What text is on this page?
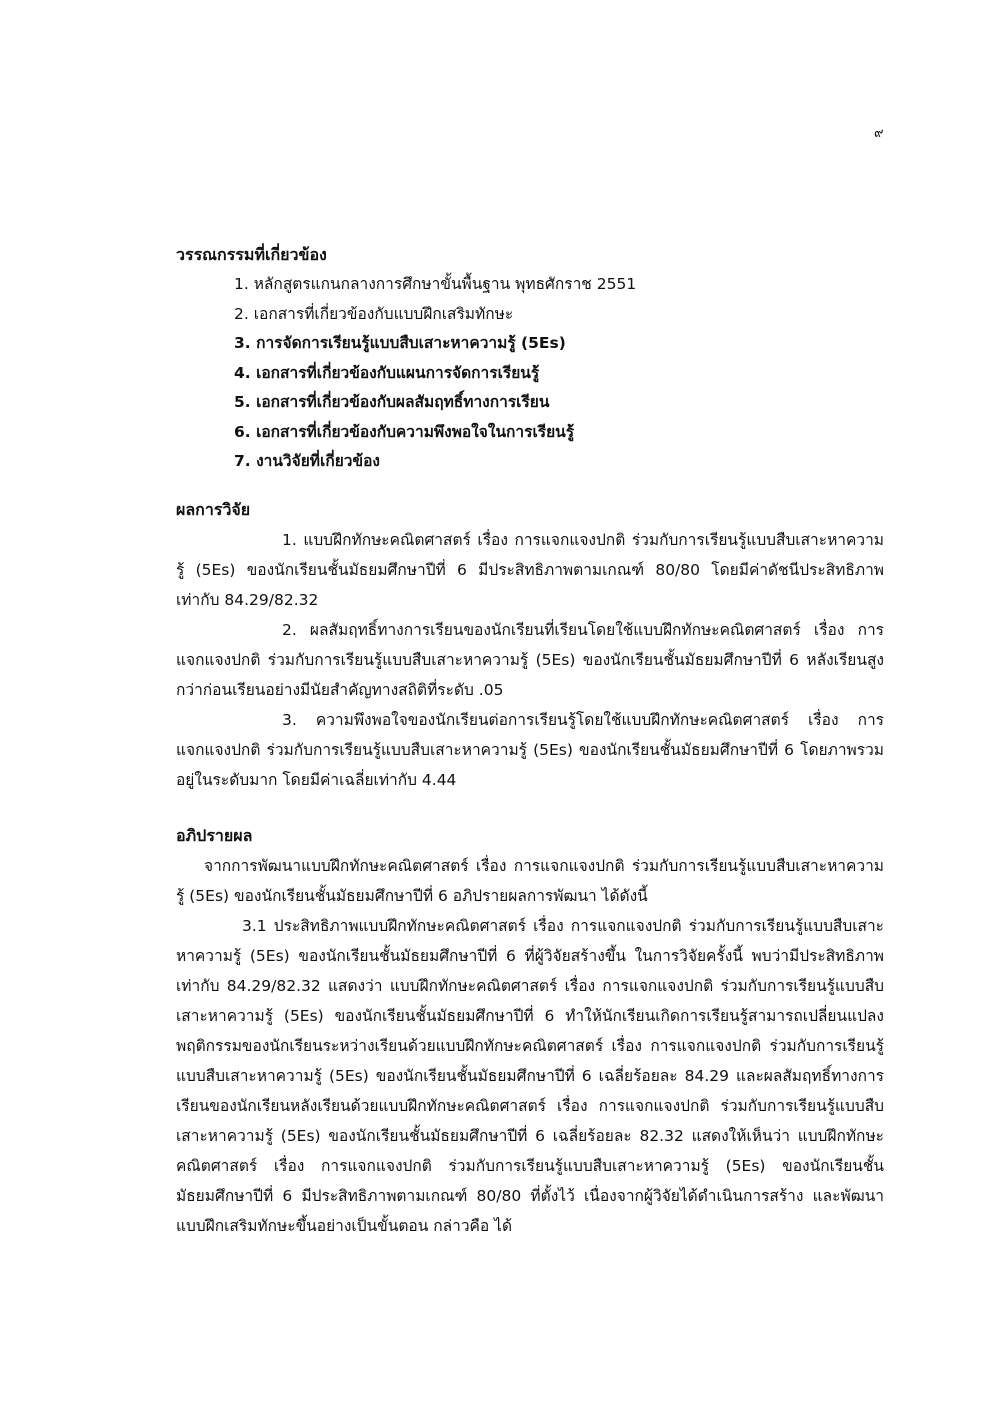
๙

วรรณกรรมที่เกี่ยวข้อง

1. หลักสูตรแกนกลางการศึกษาขั้นพื้นฐาน พุทธศักราช 2551
2. เอกสารที่เกี่ยวข้องกับแบบฝึกเสริมทักษะ
3. การจัดการเรียนรู้แบบสืบเสาะหาความรู้ (5Es)
4. เอกสารที่เกี่ยวข้องกับแผนการจัดการเรียนรู้
5. เอกสารที่เกี่ยวข้องกับผลสัมฤทธิ์ทางการเรียน
6. เอกสารที่เกี่ยวข้องกับความพึงพอใจในการเรียนรู้
7. งานวิจัยที่เกี่ยวข้อง

ผลการวิจัย

1. แบบฝึกทักษะคณิตศาสตร์ เรื่อง การแจกแจงปกติ ร่วมกับการเรียนรู้แบบสืบเสาะหาความรู้ (5Es) ของนักเรียนชั้นมัธยมศึกษาปีที่ 6 มีประสิทธิภาพตามเกณฑ์ 80/80 โดยมีค่าดัชนีประสิทธิภาพเท่ากับ 84.29/82.32

2. ผลสัมฤทธิ์ทางการเรียนของนักเรียนที่เรียนโดยใช้แบบฝึกทักษะคณิตศาสตร์ เรื่อง การแจกแจงปกติ ร่วมกับการเรียนรู้แบบสืบเสาะหาความรู้ (5Es) ของนักเรียนชั้นมัธยมศึกษาปีที่ 6 หลังเรียนสูงกว่าก่อนเรียนอย่างมีนัยสำคัญทางสถิติที่ระดับ .05

3. ความพึงพอใจของนักเรียนต่อการเรียนรู้โดยใช้แบบฝึกทักษะคณิตศาสตร์ เรื่อง การแจกแจงปกติ ร่วมกับการเรียนรู้แบบสืบเสาะหาความรู้ (5Es) ของนักเรียนชั้นมัธยมศึกษาปีที่ 6 โดยภาพรวมอยู่ในระดับมาก โดยมีค่าเฉลี่ยเท่ากับ 4.44

อภิปรายผล

จากการพัฒนาแบบฝึกทักษะคณิตศาสตร์ เรื่อง การแจกแจงปกติ ร่วมกับการเรียนรู้แบบสืบเสาะหาความรู้ (5Es) ของนักเรียนชั้นมัธยมศึกษาปีที่ 6 อภิปรายผลการพัฒนา ได้ดังนี้

3.1 ประสิทธิภาพแบบฝึกทักษะคณิตศาสตร์ เรื่อง การแจกแจงปกติ ร่วมกับการเรียนรู้แบบสืบเสาะหาความรู้ (5Es) ของนักเรียนชั้นมัธยมศึกษาปีที่ 6 ที่ผู้วิจัยสร้างขึ้น ในการวิจัยครั้งนี้ พบว่ามีประสิทธิภาพเท่ากับ 84.29/82.32 แสดงว่า แบบฝึกทักษะคณิตศาสตร์ เรื่อง การแจกแจงปกติ ร่วมกับการเรียนรู้แบบสืบเสาะหาความรู้ (5Es) ของนักเรียนชั้นมัธยมศึกษาปีที่ 6 ทำให้นักเรียนเกิดการเรียนรู้สามารถเปลี่ยนแปลงพฤติกรรมของนักเรียนระหว่างเรียนด้วยแบบฝึกทักษะคณิตศาสตร์ เรื่อง การแจกแจงปกติ ร่วมกับการเรียนรู้แบบสืบเสาะหาความรู้ (5Es) ของนักเรียนชั้นมัธยมศึกษาปีที่ 6 เฉลี่ยร้อยละ 84.29 และผลสัมฤทธิ์ทางการเรียนของนักเรียนหลังเรียนด้วยแบบฝึกทักษะคณิตศาสตร์ เรื่อง การแจกแจงปกติ ร่วมกับการเรียนรู้แบบสืบเสาะหาความรู้ (5Es) ของนักเรียนชั้นมัธยมศึกษาปีที่ 6 เฉลี่ยร้อยละ 82.32 แสดงให้เห็นว่า แบบฝึกทักษะคณิตศาสตร์ เรื่อง การแจกแจงปกติ ร่วมกับการเรียนรู้แบบสืบเสาะหาความรู้ (5Es) ของนักเรียนชั้นมัธยมศึกษาปีที่ 6 มีประสิทธิภาพตามเกณฑ์ 80/80 ที่ตั้งไว้ เนื่องจากผู้วิจัยได้ดำเนินการสร้าง และพัฒนาแบบฝึกเสริมทักษะขึ้นอย่างเป็นขั้นตอน กล่าวคือ ได้
